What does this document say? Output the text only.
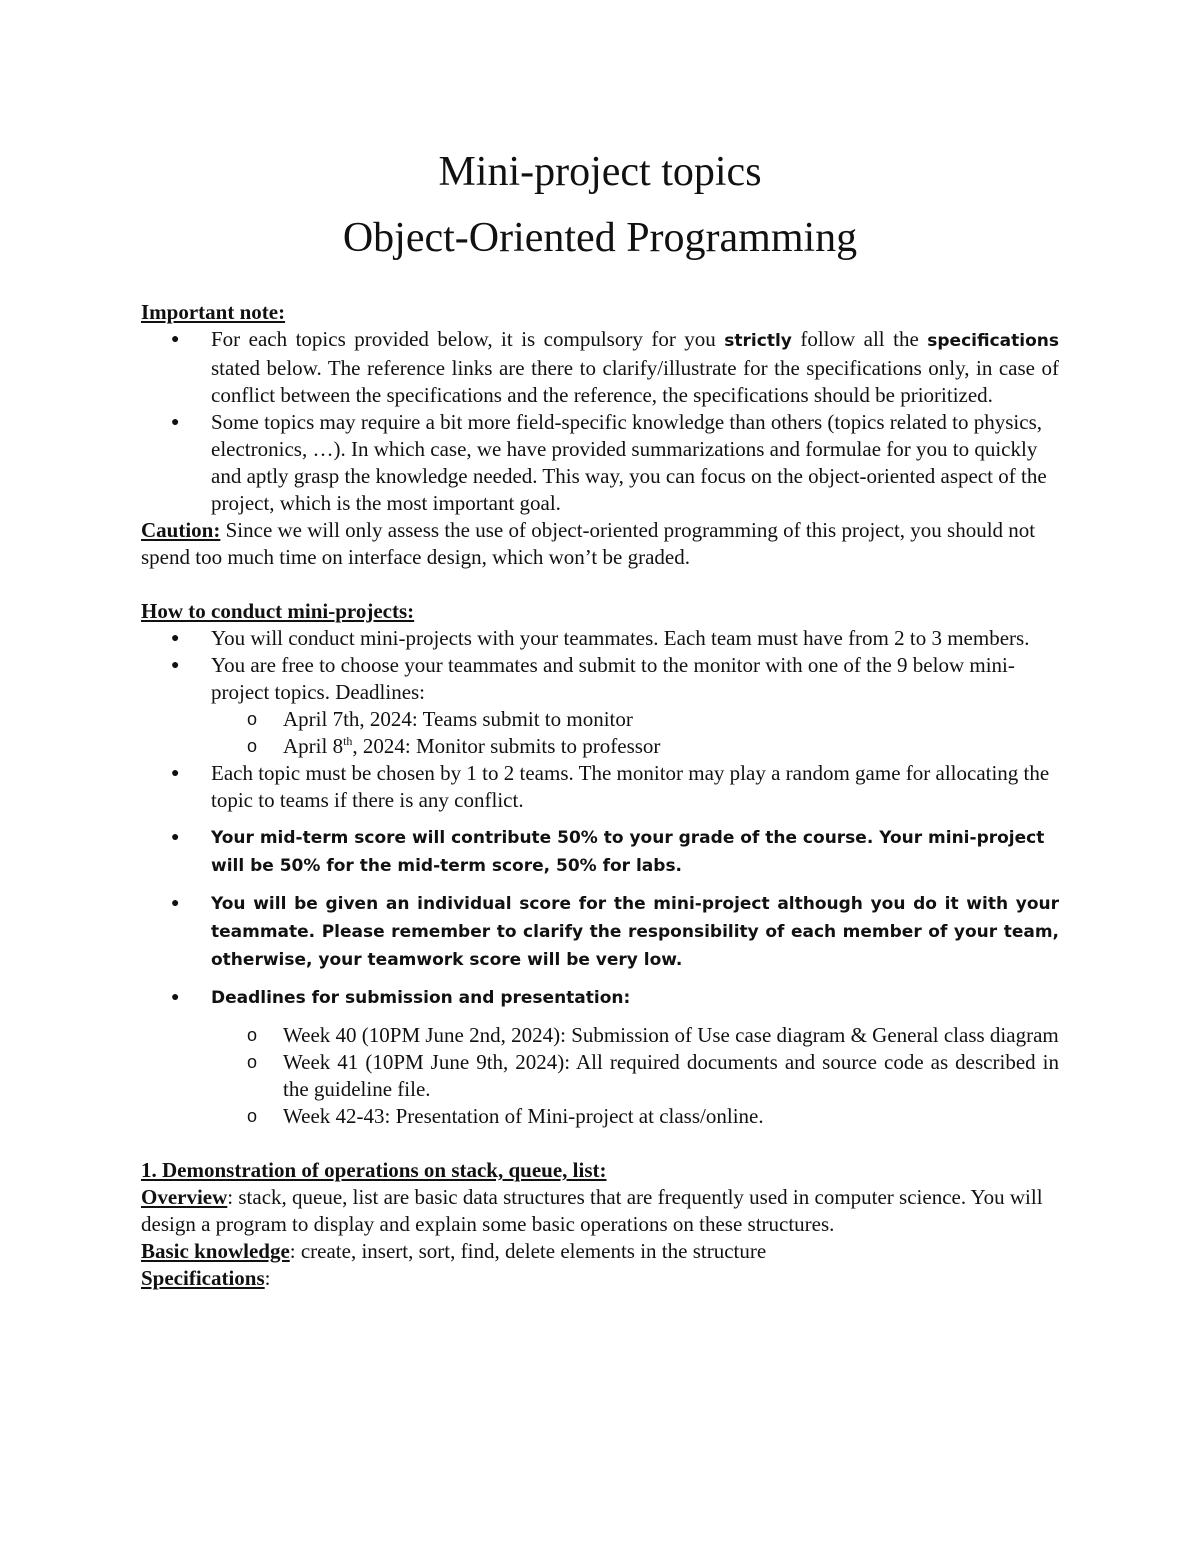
Mini-project topics
Object-Oriented Programming

Important note:

● For each topics provided below, it is compulsory for you strictly follow all the specifications stated below. The reference links are there to clarify/illustrate for the specifications only, in case of conflict between the specifications and the reference, the specifications should be prioritized.
● Some topics may require a bit more field-specific knowledge than others (topics related to physics, electronics, …). In which case, we have provided summarizations and formulae for you to quickly and aptly grasp the knowledge needed. This way, you can focus on the object-oriented aspect of the project, which is the most important goal.

Caution: Since we will only assess the use of object-oriented programming of this project, you should not spend too much time on interface design, which won’t be graded.

How to conduct mini-projects:

● You will conduct mini-projects with your teammates. Each team must have from 2 to 3 members.
● You are free to choose your teammates and submit to the monitor with one of the 9 below mini-project topics. Deadlines:
o April 7th, 2024: Teams submit to monitor
o April 8th, 2024: Monitor submits to professor
● Each topic must be chosen by 1 to 2 teams. The monitor may play a random game for allocating the topic to teams if there is any conflict.
● Your mid-term score will contribute 50% to your grade of the course. Your mini-project will be 50% for the mid-term score, 50% for labs.
● You will be given an individual score for the mini-project although you do it with your teammate. Please remember to clarify the responsibility of each member of your team, otherwise, your teamwork score will be very low.
● Deadlines for submission and presentation:
o Week 40 (10PM June 2nd, 2024): Submission of Use case diagram & General class diagram
o Week 41 (10PM June 9th, 2024): All required documents and source code as described in the guideline file.
o Week 42-43: Presentation of Mini-project at class/online.

1. Demonstration of operations on stack, queue, list:

Overview: stack, queue, list are basic data structures that are frequently used in computer science. You will design a program to display and explain some basic operations on these structures.

Basic knowledge: create, insert, sort, find, delete elements in the structure

Specifications:
